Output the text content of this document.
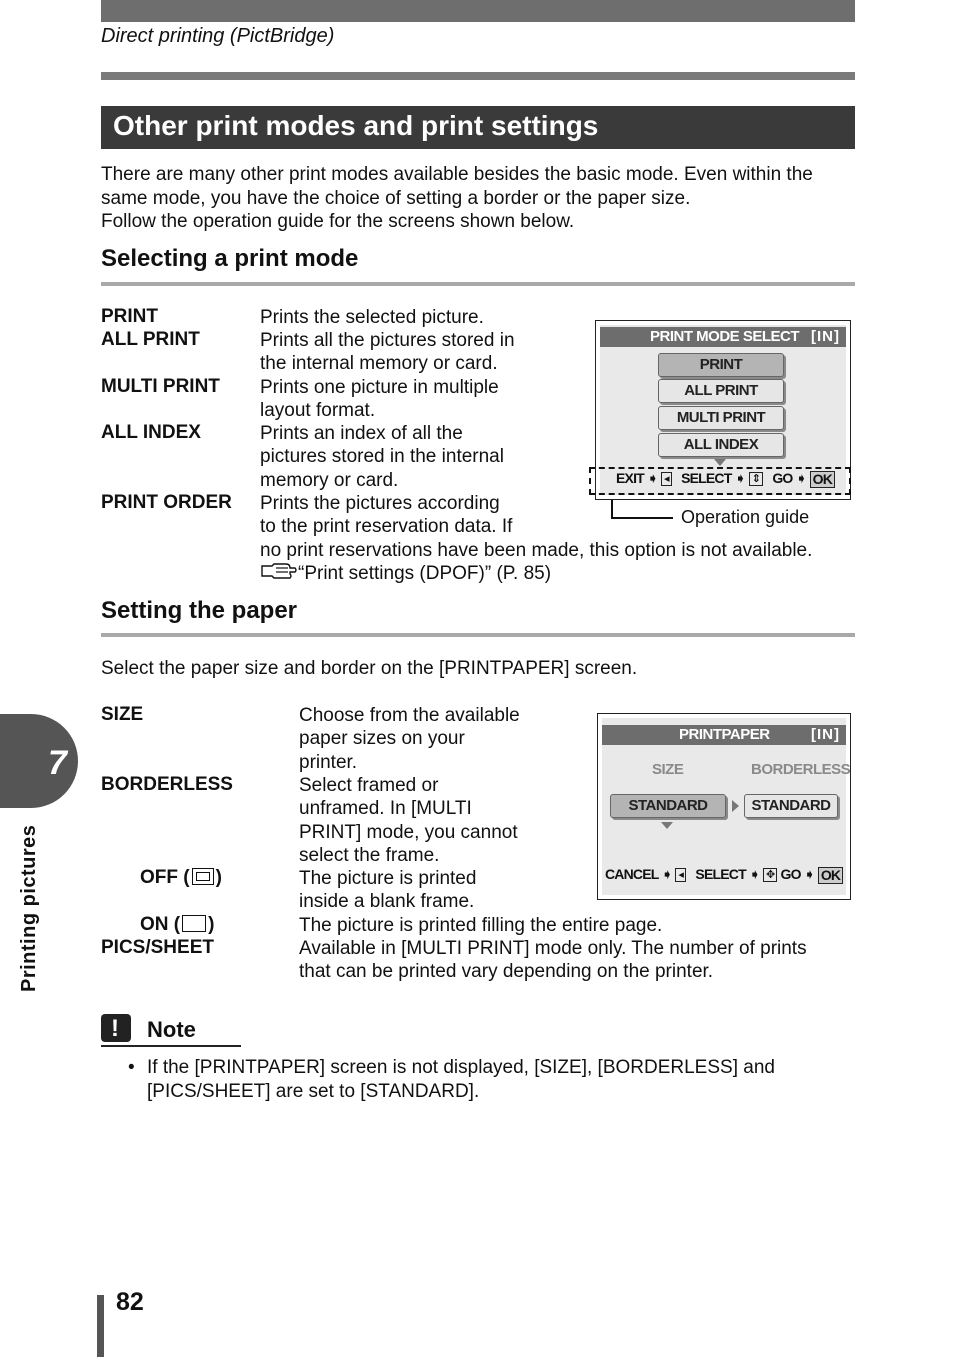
Direct printing (PictBridge)
Other print modes and print settings
There are many other print modes available besides the basic mode. Even within the
same mode, you have the choice of setting a border or the paper size.
Follow the operation guide for the screens shown below.
Selecting a print mode
PRINT	Prints the selected picture.
ALL PRINT	Prints all the pictures stored in
the internal memory or card.
MULTI PRINT Prints one picture in multiple
layout format.
ALL INDEX	Prints an index of all the
pictures stored in the internal
memory or card.
PRINT ORDER Prints the pictures according
to the print reservation data. If
no print reservations have been made, this option is not available.
“Print settings (DPOF)” (P. 85)
PRINT MODE SELECT [IN]
PRINT
ALL PRINT
MULTI PRINT
ALL INDEX
EXIT ➧ ◂ SELECT ➧ ⇕ GO ➧ OK
Operation guide
Setting the paper
Select the paper size and border on the [PRINTPAPER] screen.
SIZE	Choose from the available
paper sizes on your
printer.
BORDERLESS	Select framed or
unframed. In [MULTI
PRINT] mode, you cannot
select the frame.
OFF ( )	The picture is printed
inside a blank frame.
ON ( )	The picture is printed filling the entire page.
PICS/SHEET	Available in [MULTI PRINT] mode only. The number of prints
that can be printed vary depending on the printer.
PRINTPAPER	[IN]
SIZE	BORDERLESS
STANDARD	STANDARD
CANCEL ➧ ◂ SELECT ➧ ✥ GO ➧ OK
! Note
• If the [PRINTPAPER] screen is not displayed, [SIZE], [BORDERLESS] and
[PICS/SHEET] are set to [STANDARD].
7
Printing pictures
82
